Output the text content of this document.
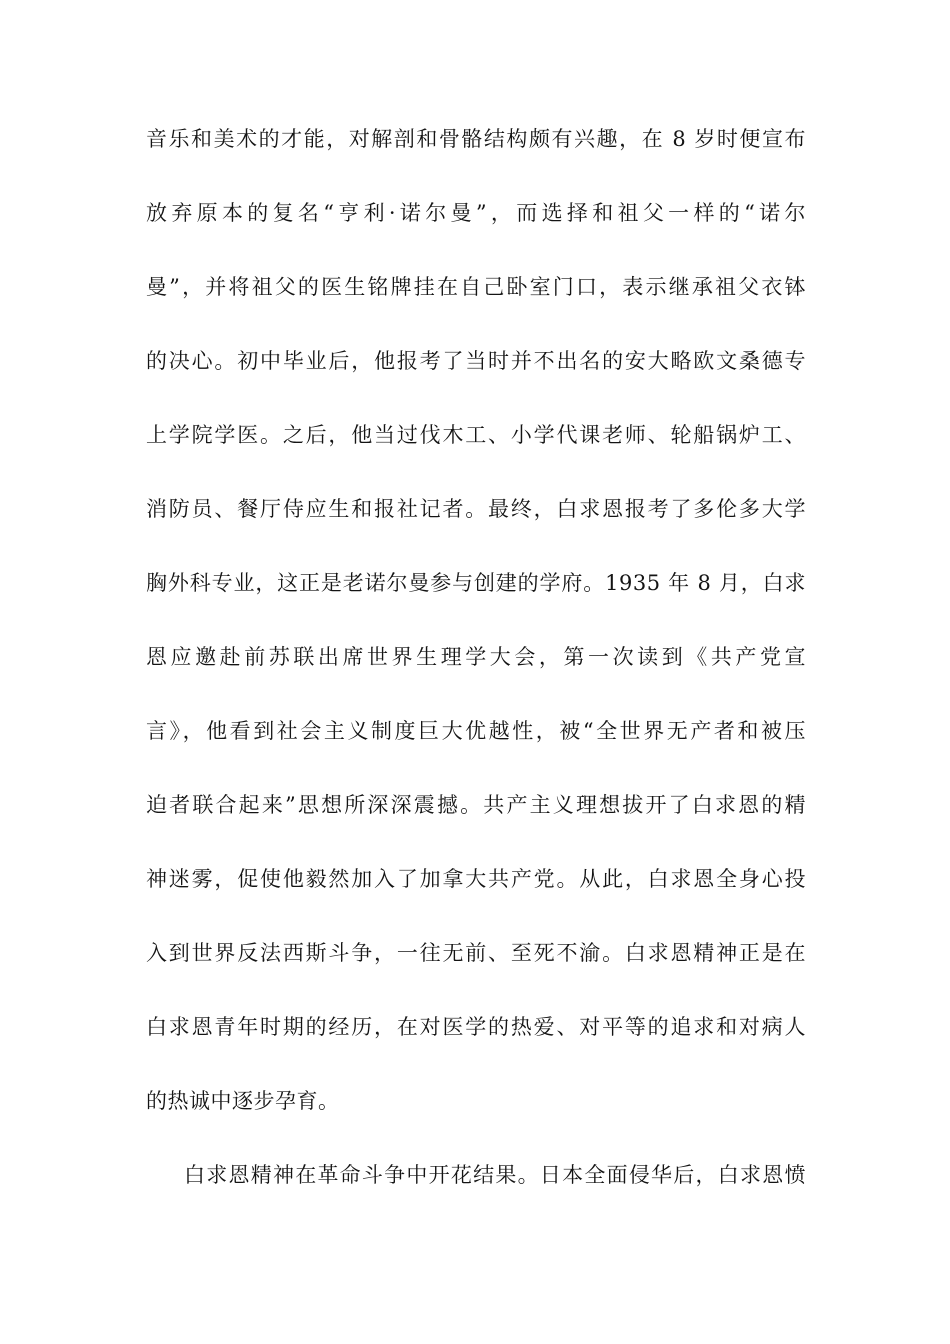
音乐和美术的才能，对解剖和骨骼结构颇有兴趣，在 8 岁时便宣布
放弃原本的复名“亨利·诺尔曼”，而选择和祖父一样的“诺尔
曼”，并将祖父的医生铭牌挂在自己卧室门口，表示继承祖父衣钵
的决心。初中毕业后，他报考了当时并不出名的安大略欧文桑德专
上学院学医。之后，他当过伐木工、小学代课老师、轮船锅炉工、
消防员、餐厅侍应生和报社记者。最终，白求恩报考了多伦多大学
胸外科专业，这正是老诺尔曼参与创建的学府。1935 年 8 月，白求
恩应邀赴前苏联出席世界生理学大会，第一次读到《共产党宣
言》，他看到社会主义制度巨大优越性，被“全世界无产者和被压
迫者联合起来”思想所深深震撼。共产主义理想拔开了白求恩的精
神迷雾，促使他毅然加入了加拿大共产党。从此，白求恩全身心投
入到世界反法西斯斗争，一往无前、至死不渝。白求恩精神正是在
白求恩青年时期的经历，在对医学的热爱、对平等的追求和对病人
的热诚中逐步孕育。
白求恩精神在革命斗争中开花结果。日本全面侵华后，白求恩愤
